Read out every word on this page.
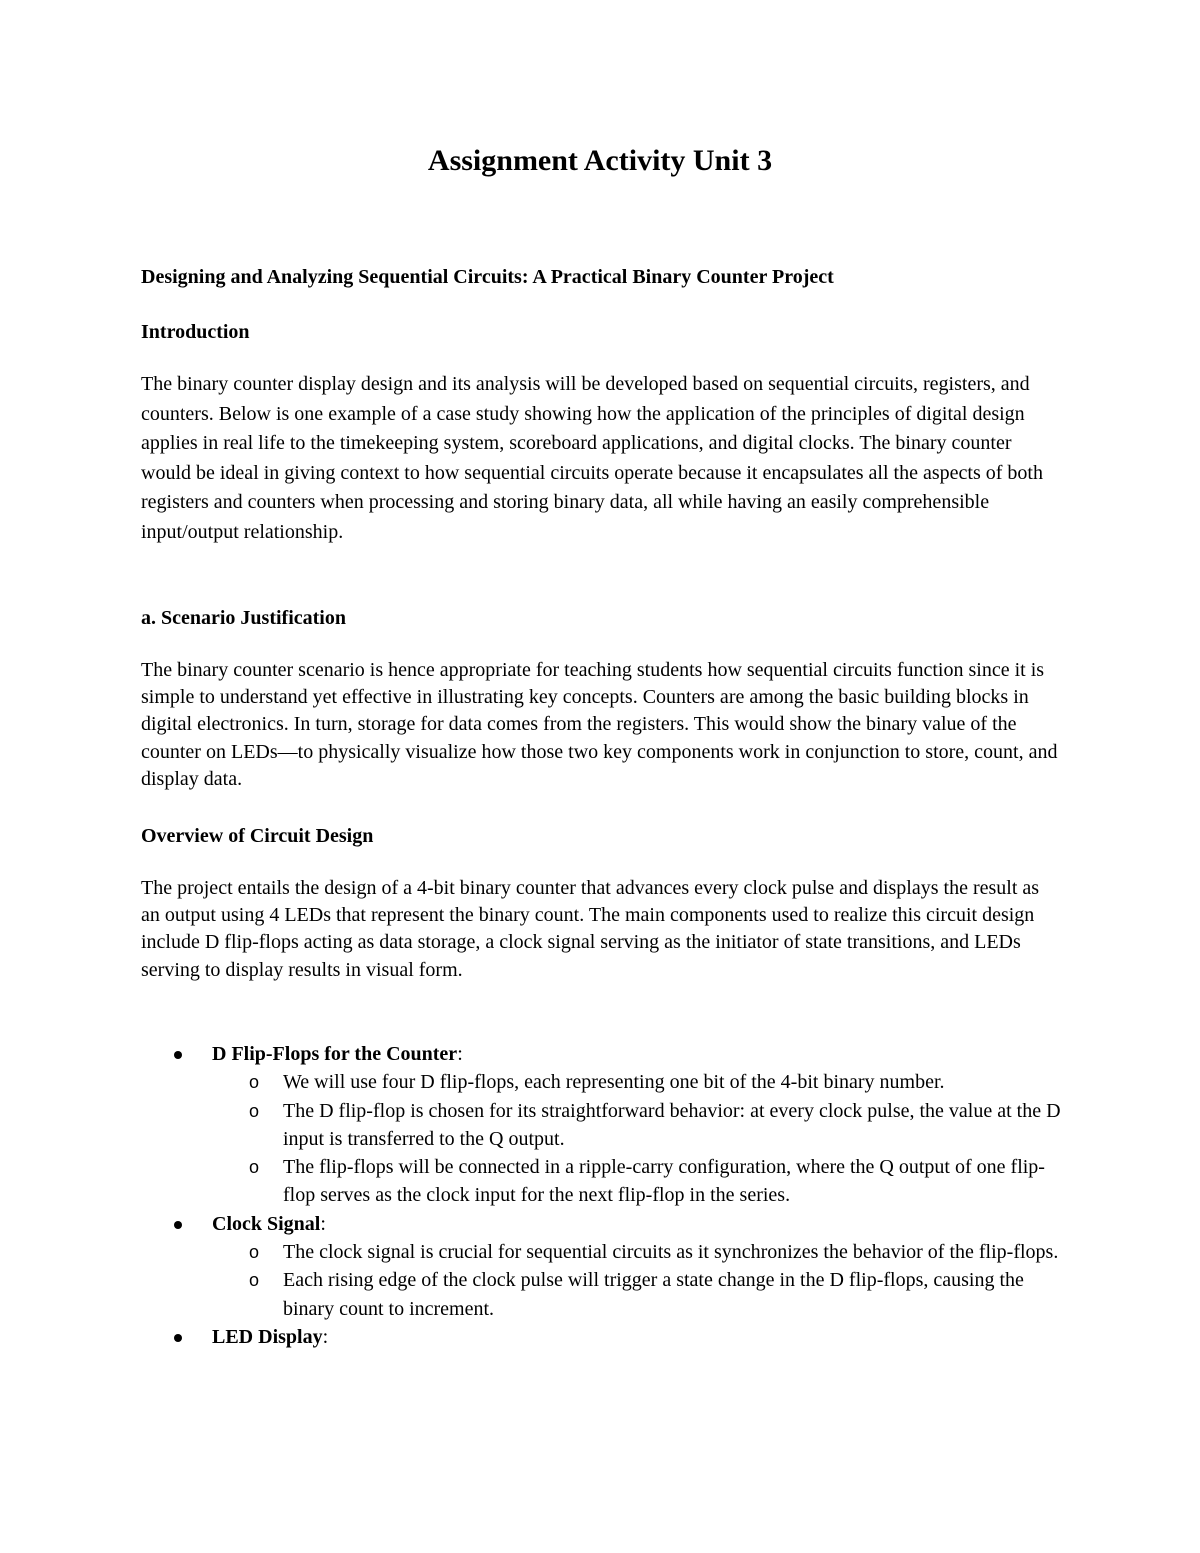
Assignment Activity Unit 3
Designing and Analyzing Sequential Circuits: A Practical Binary Counter Project
Introduction

The binary counter display design and its analysis will be developed based on sequential circuits, registers, and counters. Below is one example of a case study showing how the application of the principles of digital design applies in real life to the timekeeping system, scoreboard applications, and digital clocks. The binary counter would be ideal in giving context to how sequential circuits operate because it encapsulates all the aspects of both registers and counters when processing and storing binary data, all while having an easily comprehensible input/output relationship.

a. Scenario Justification

The binary counter scenario is hence appropriate for teaching students how sequential circuits function since it is simple to understand yet effective in illustrating key concepts. Counters are among the basic building blocks in digital electronics. In turn, storage for data comes from the registers. This would show the binary value of the counter on LEDs—to physically visualize how those two key components work in conjunction to store, count, and display data.

Overview of Circuit Design

The project entails the design of a 4-bit binary counter that advances every clock pulse and displays the result as an output using 4 LEDs that represent the binary count. The main components used to realize this circuit design include D flip-flops acting as data storage, a clock signal serving as the initiator of state transitions, and LEDs serving to display results in visual form.

D Flip-Flops for the Counter:
o We will use four D flip-flops, each representing one bit of the 4-bit binary number.
o The D flip-flop is chosen for its straightforward behavior: at every clock pulse, the value at the D input is transferred to the Q output.
o The flip-flops will be connected in a ripple-carry configuration, where the Q output of one flip-flop serves as the clock input for the next flip-flop in the series.
Clock Signal:
o The clock signal is crucial for sequential circuits as it synchronizes the behavior of the flip-flops.
o Each rising edge of the clock pulse will trigger a state change in the D flip-flops, causing the binary count to increment.
LED Display:
